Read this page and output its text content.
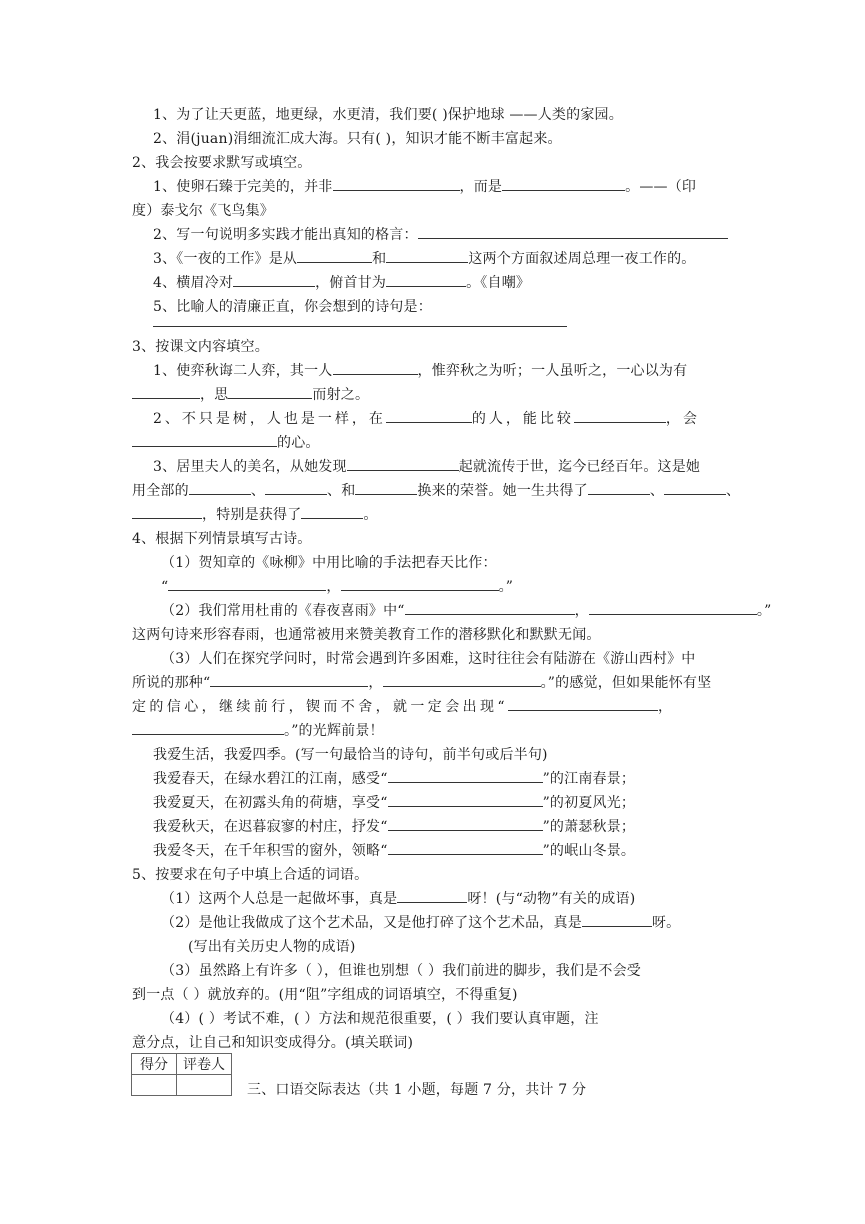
1、为了让天更蓝，地更绿，水更清，我们要( )保护地球 ——人类的家园。
2、涓(juan)涓细流汇成大海。只有( )，知识才能不断丰富起来。
2、我会按要求默写或填空。
1、使卵石臻于完美的，并非	，而是	。——（印
度）泰戈尔《飞鸟集》
2、写一句说明多实践才能出真知的格言：
3、《一夜的工作》是从	和	这两个方面叙述周总理一夜工作的。
4、横眉冷对	，俯首甘为	。《自嘲》
5、比喻人的清廉正直，你会想到的诗句是：
3、按课文内容填空。
1、使弈秋诲二人弈，其一人	，惟弈秋之为听；一人虽听之，一心以为有
，思	而射之。
2、不只是树，人也是一样，在	的人，能比较	，会
的心。
3、居里夫人的美名，从她发现	起就流传于世，迄今已经百年。这是她
用全部的	、	、和	换来的荣誉。她一生共得了	、	、
，特别是获得了	。
4、根据下列情景填写古诗。
（1）贺知章的《咏柳》中用比喻的手法把春天比作：
“	，	。”
（2）我们常用杜甫的《春夜喜雨》中“	，	。”
这两句诗来形容春雨，也通常被用来赞美教育工作的潜移默化和默默无闻。
（3）人们在探究学问时，时常会遇到许多困难，这时往往会有陆游在《游山西村》中
所说的那种“	，	。”的感觉，但如果能怀有坚
定的信心，继续前行，锲而不舍，就一定会出现“	，
。”的光辉前景！
我爱生活，我爱四季。(写一句最恰当的诗句，前半句或后半句)
我爱春天，在绿水碧江的江南，感受“	”的江南春景；
我爱夏天，在初露头角的荷塘，享受“	”的初夏风光；
我爱秋天，在迟暮寂寥的村庄，抒发“	”的萧瑟秋景；
我爱冬天，在千年积雪的窗外，领略“	”的岷山冬景。
5、按要求在句子中填上合适的词语。
（1）这两个人总是一起做坏事，真是	呀！(与“动物”有关的成语)
（2）是他让我做成了这个艺术品，又是他打碎了这个艺术品，真是	呀。
(写出有关历史人物的成语)
（3）虽然路上有许多（ ），但谁也别想（ ）我们前进的脚步，我们是不会受
到一点（ ）就放弃的。(用“阻”字组成的词语填空，不得重复)
（4）( ）考试不难，( ）方法和规范很重要，( ）我们要认真审题，注
意分点，让自己和知识变成得分。(填关联词)
得分	评卷人

三、口语交际表达（共 1 小题，每题 7 分，共计 7 分
